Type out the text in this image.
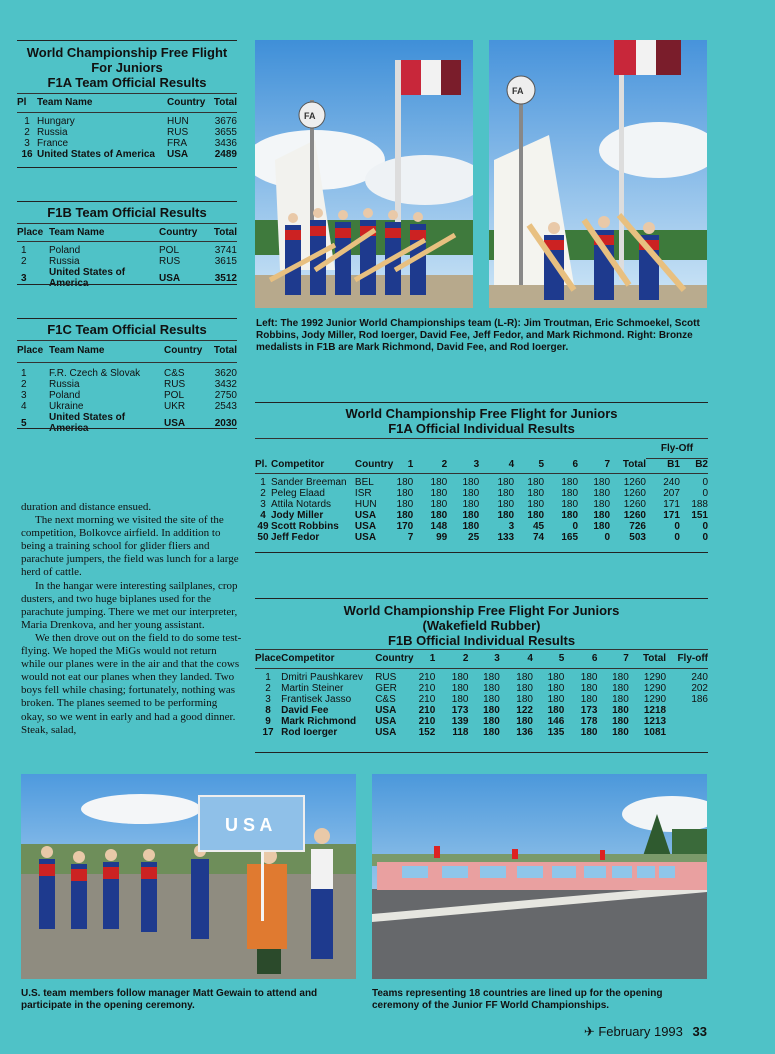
World Championship Free Flight
For Juniors
F1A Team Official Results
Pl	Team Name	Country	Total

1	Hungary	HUN	3676
2	Russia	RUS	3655
3	France	FRA	3436
16	United States of America	USA	2489
F1B Team Official Results
Place	Team Name	Country	Total

1	Poland	POL	3741
2	Russia	RUS	3615
3	United States of America	USA	3512
F1C Team Official Results
Place	Team Name	Country	Total

1	F.R. Czech & Slovak	C&S	3620
2	Russia	RUS	3432
3	Poland	POL	2750
4	Ukraine	UKR	2543
5	United States of America	USA	2030
FA
FA
Left: The 1992 Junior World Championships team (L-R): Jim Troutman, Eric Schmoekel, Scott Robbins, Jody Miller, Rod Ioerger, David Fee, Jeff Fedor, and Mark Richmond. Right: Bronze medalists in F1B are Mark Richmond, David Fee, and Rod Ioerger.
World Championship Free Flight for Juniors
F1A Official Individual Results
											Fly-Off	

Pl.	Competitor	Country	1	2	3	4	5	6	7	Total	B1	B2

1	Sander Breeman	BEL	180	180	180	180	180	180	180	1260	240	0
2	Peleg Elaad	ISR	180	180	180	180	180	180	180	1260	207	0
3	Attila Notards	HUN	180	180	180	180	180	180	180	1260	171	188
4	Jody Miller	USA	180	180	180	180	180	180	180	1260	171	151
49	Scott Robbins	USA	170	148	180	3	45	0	180	726	0	0
50	Jeff Fedor	USA	7	99	25	133	74	165	0	503	0	0
World Championship Free Flight For Juniors
(Wakefield Rubber)
F1B Official Individual Results
Place	Competitor	Country	1	2	3	4	5	6	7	Total	Fly-off

1	Dmitri Paushkarev	RUS	210	180	180	180	180	180	180	1290	240
2	Martin Steiner	GER	210	180	180	180	180	180	180	1290	202
3	Frantisek Jasso	C&S	210	180	180	180	180	180	180	1290	186
8	David Fee	USA	210	173	180	122	180	173	180	1218	
9	Mark Richmond	USA	210	139	180	180	146	178	180	1213	
17	Rod Ioerger	USA	152	118	180	136	135	180	180	1081	

duration and distance ensued.

The next morning we visited the site of the competition, Bolkovce airfield. In addition to being a training school for glider fliers and parachute jumpers, the field was lunch for a large herd of cattle.

In the hangar were interesting sailplanes, crop dusters, and two huge biplanes used for the parachute jumping. There we met our interpreter, Maria Drenkova, and her young assistant.

We then drove out on the field to do some test-flying. We hoped the MiGs would not return while our planes were in the air and that the cows would not eat our planes when they landed. Two boys fell while chasing; fortunately, nothing was broken. The planes seemed to be performing okay, so we went in early and had a good dinner. Steak, salad,

U S A
U.S. team members follow manager Matt Gewain to attend and participate in the opening ceremony.
Teams representing 18 countries are lined up for the opening ceremony of the Junior FF World Championships.
✈ February 1993 33
